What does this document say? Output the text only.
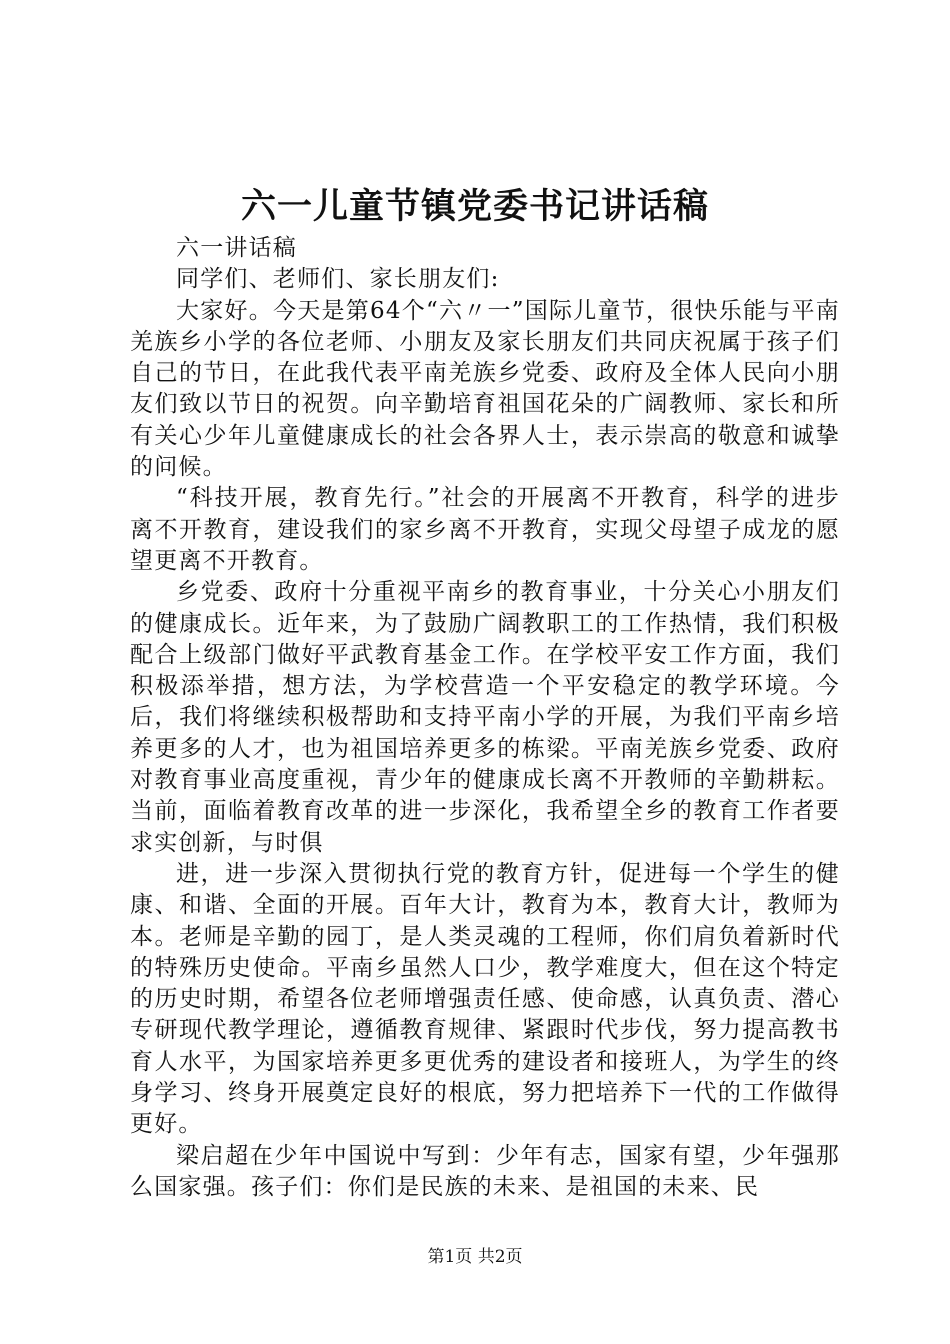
六一儿童节镇党委书记讲话稿

六一讲话稿

同学们、老师们、家长朋友们:

大家好。今天是第64个“六〃一”国际儿童节，很快乐能与平南羌族乡小学的各位老师、小朋友及家长朋友们共同庆祝属于孩子们自己的节日，在此我代表平南羌族乡党委、政府及全体人民向小朋友们致以节日的祝贺。向辛勤培育祖国花朵的广阔教师、家长和所有关心少年儿童健康成长的社会各界人士，表示崇高的敬意和诚挚的问候。

“科技开展，教育先行。”社会的开展离不开教育，科学的进步离不开教育，建设我们的家乡离不开教育，实现父母望子成龙的愿望更离不开教育。

乡党委、政府十分重视平南乡的教育事业，十分关心小朋友们的健康成长。近年来，为了鼓励广阔教职工的工作热情，我们积极配合上级部门做好平武教育基金工作。在学校平安工作方面，我们积极添举措，想方法，为学校营造一个平安稳定的教学环境。今后，我们将继续积极帮助和支持平南小学的开展，为我们平南乡培养更多的人才，也为祖国培养更多的栋梁。平南羌族乡党委、政府对教育事业高度重视，青少年的健康成长离不开教师的辛勤耕耘。当前，面临着教育改革的进一步深化，我希望全乡的教育工作者要求实创新，与时俱

进，进一步深入贯彻执行党的教育方针，促进每一个学生的健康、和谐、全面的开展。百年大计，教育为本，教育大计，教师为本。老师是辛勤的园丁，是人类灵魂的工程师，你们肩负着新时代的特殊历史使命。平南乡虽然人口少，教学难度大，但在这个特定的历史时期，希望各位老师增强责任感、使命感，认真负责、潜心专研现代教学理论，遵循教育规律、紧跟时代步伐，努力提高教书育人水平，为国家培养更多更优秀的建设者和接班人，为学生的终身学习、终身开展奠定良好的根底，努力把培养下一代的工作做得更好。

梁启超在少年中国说中写到：少年有志，国家有望，少年强那么国家强。孩子们：你们是民族的未来、是祖国的未来、民

第1页 共2页
